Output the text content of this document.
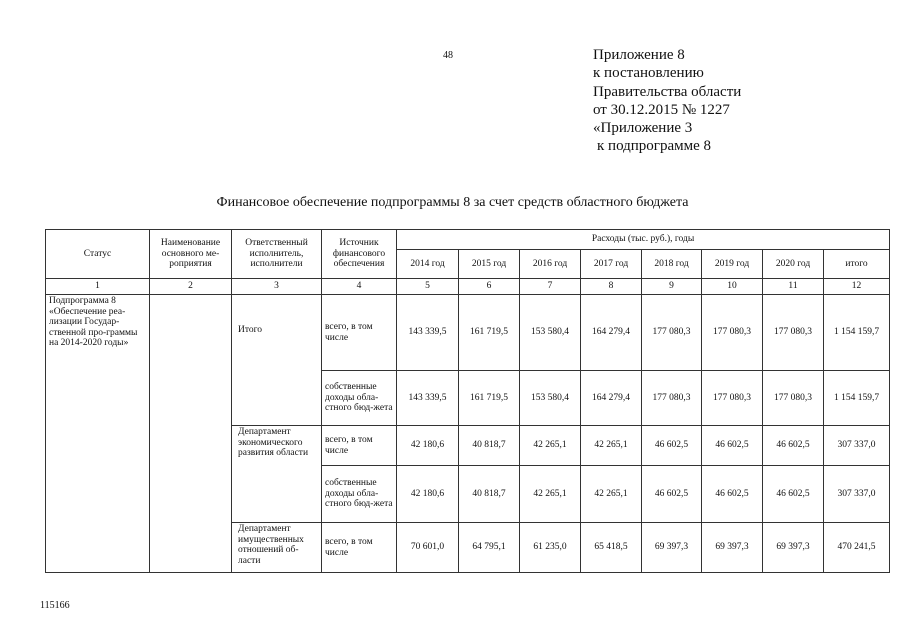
48	Приложение 8
к постановлению
Правительства области
от 30.12.2015 № 1227
«Приложение 3
к подпрограмме 8
Финансовое обеспечение подпрограммы 8 за счет средств областного бюджета
Статус	Наименование основного ме-роприятия	Ответственный исполнитель, исполнители	Источник финансового обеспечения	Расходы (тыс. руб.), годы							
				2014 год	2015 год	2016 год	2017 год	2018 год	2019 год	2020 год	итого
1	2	3	4	5	6	7	8	9	10	11	12
Подпрограмма 8 «Обеспечение реа-лизации Государ-ственной про-граммы на 2014-2020 годы»		Итого	всего, в том числе	143 339,5	161 719,5	153 580,4	164 279,4	177 080,3	177 080,3	177 080,3	1 154 159,7
			собственные доходы обла-стного бюд-жета	143 339,5	161 719,5	153 580,4	164 279,4	177 080,3	177 080,3	177 080,3	1 154 159,7
		Департамент экономического развития области	всего, в том числе	42 180,6	40 818,7	42 265,1	42 265,1	46 602,5	46 602,5	46 602,5	307 337,0
			собственные доходы обла-стного бюд-жета	42 180,6	40 818,7	42 265,1	42 265,1	46 602,5	46 602,5	46 602,5	307 337,0
		Департамент имущественных отношений об-ласти	всего, в том числе	70 601,0	64 795,1	61 235,0	65 418,5	69 397,3	69 397,3	69 397,3	470 241,5
115166
